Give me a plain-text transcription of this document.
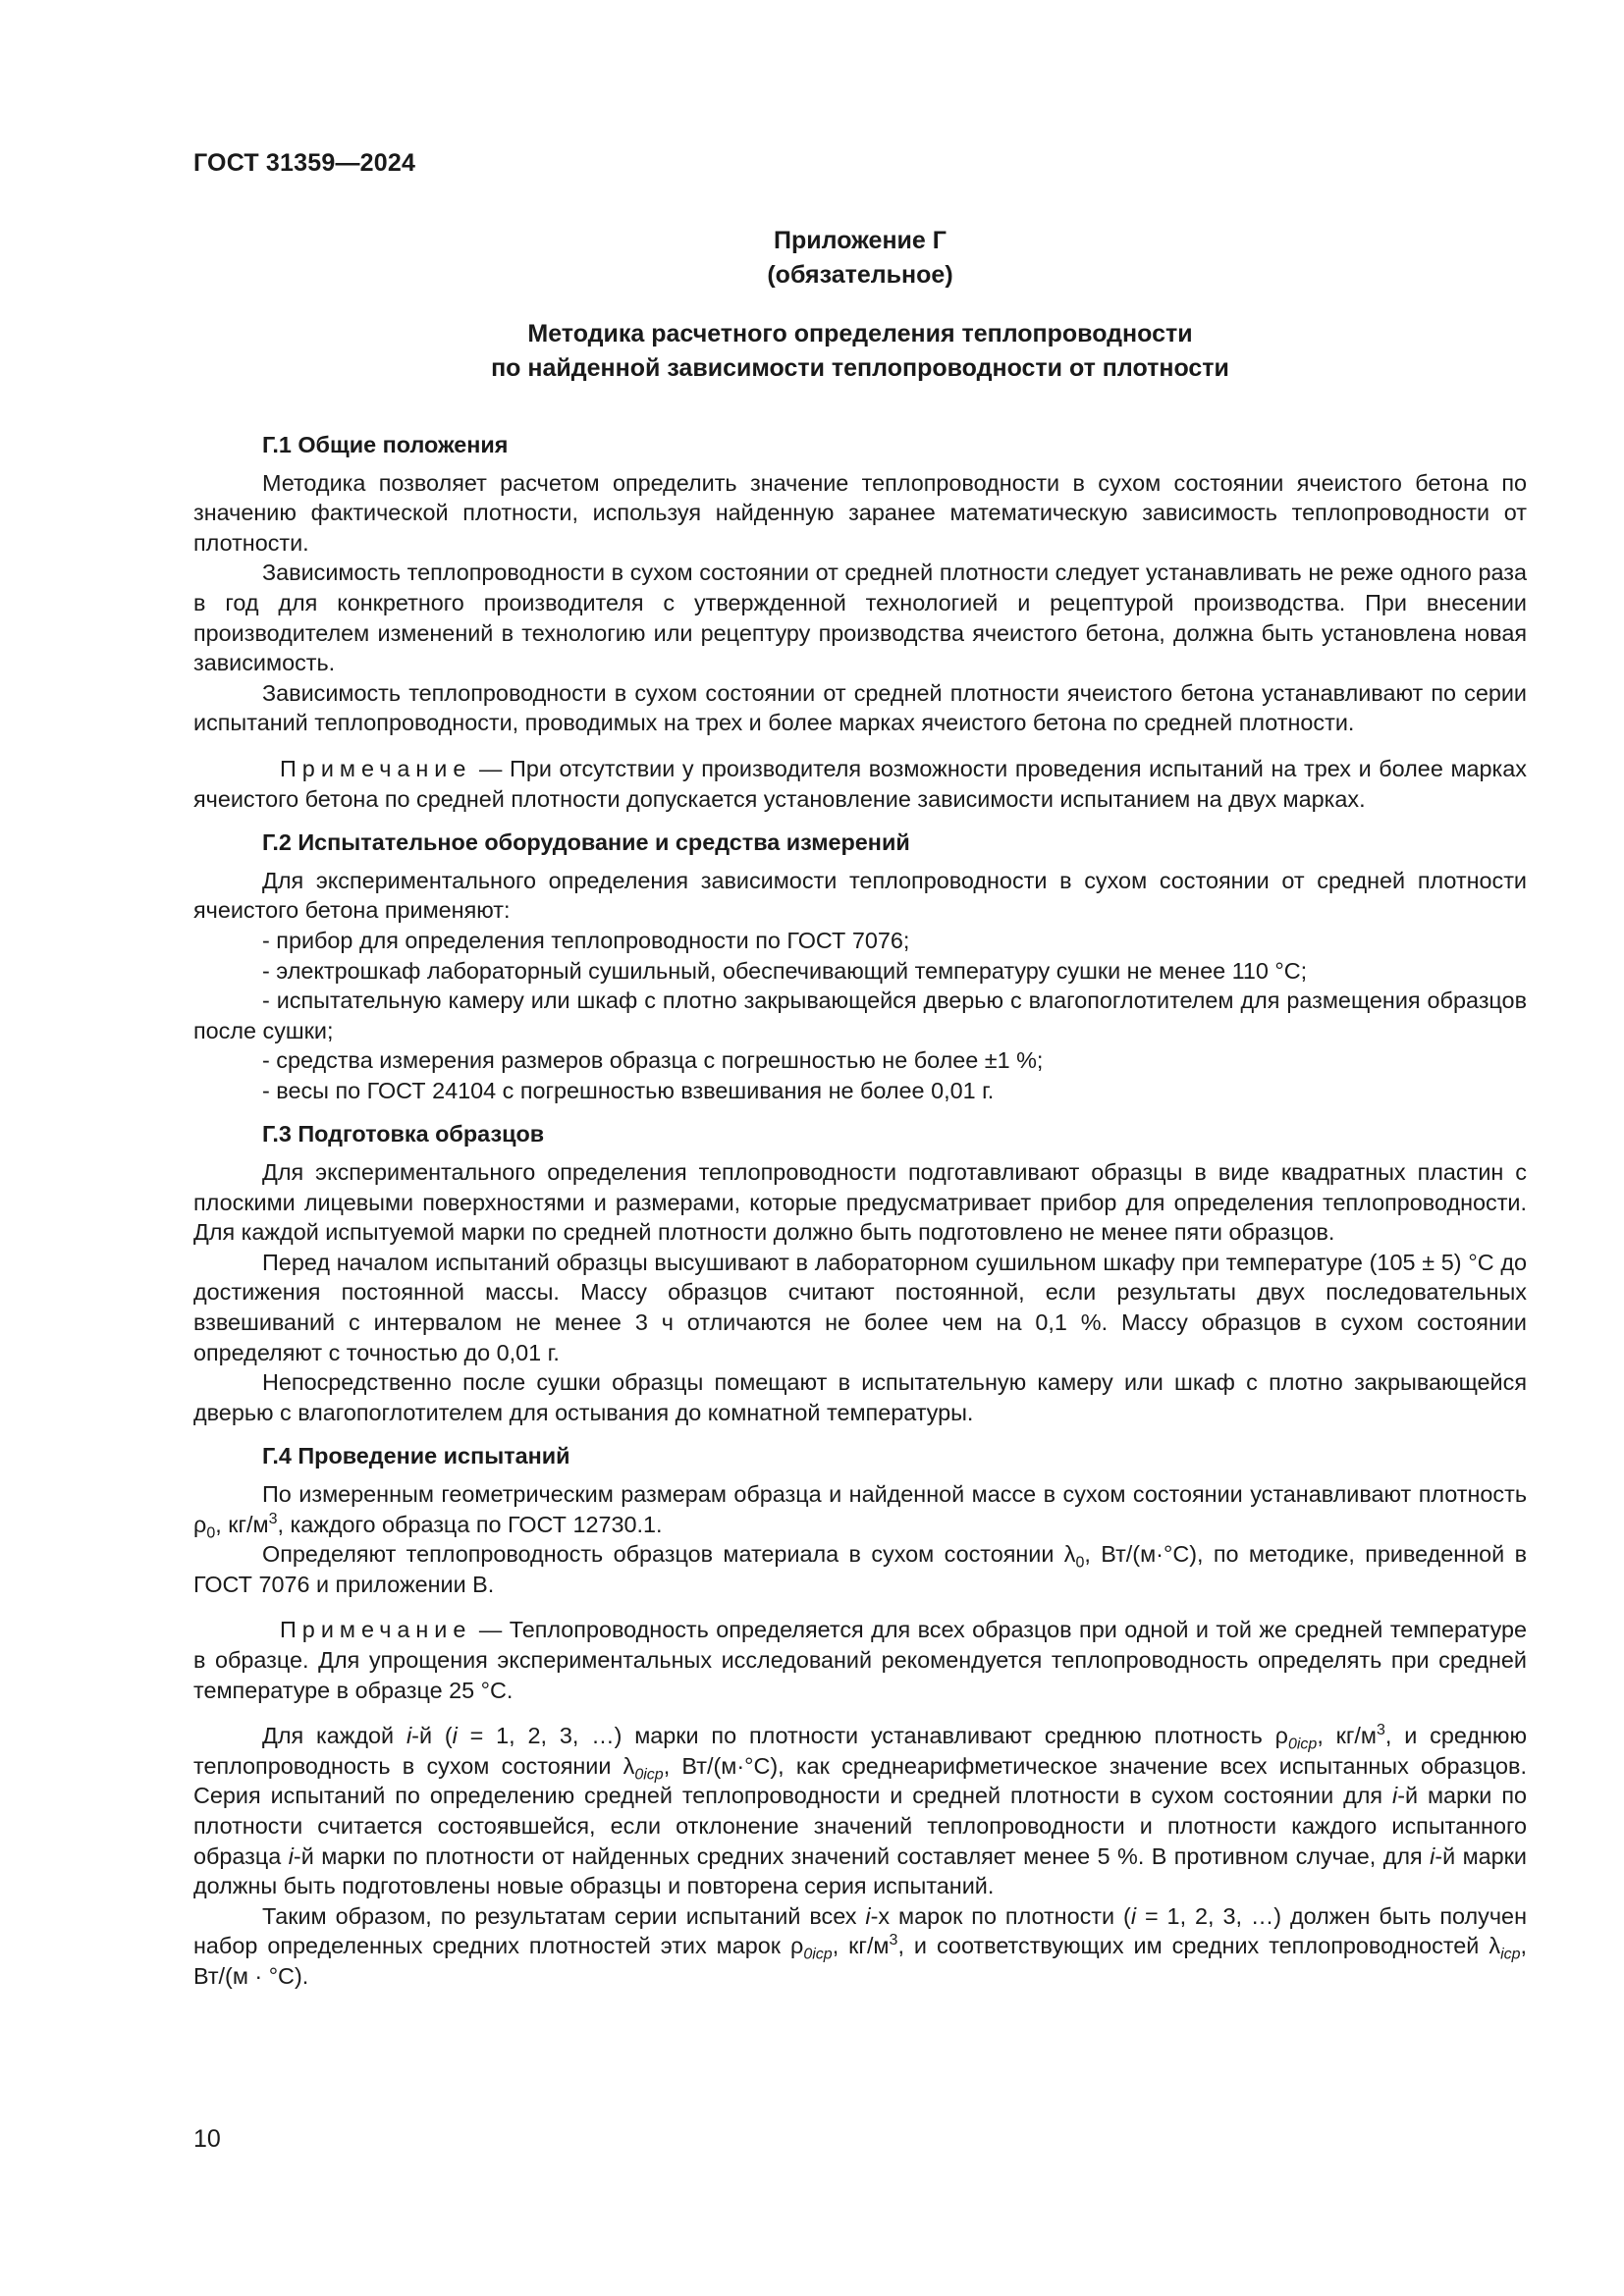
ГОСТ 31359—2024
Приложение Г
(обязательное)
Методика расчетного определения теплопроводности
по найденной зависимости теплопроводности от плотности
Г.1 Общие положения

Методика позволяет расчетом определить значение теплопроводности в сухом состоянии ячеистого бетона по значению фактической плотности, используя найденную заранее математическую зависимость теплопроводности от плотности.

Зависимость теплопроводности в сухом состоянии от средней плотности следует устанавливать не реже одного раза в год для конкретного производителя с утвержденной технологией и рецептурой производства. При внесении производителем изменений в технологию или рецептуру производства ячеистого бетона, должна быть установлена новая зависимость.

Зависимость теплопроводности в сухом состоянии от средней плотности ячеистого бетона устанавливают по серии испытаний теплопроводности, проводимых на трех и более марках ячеистого бетона по средней плотности.

Примечание — При отсутствии у производителя возможности проведения испытаний на трех и более марках ячеистого бетона по средней плотности допускается установление зависимости испытанием на двух марках.

Г.2 Испытательное оборудование и средства измерений

Для экспериментального определения зависимости теплопроводности в сухом состоянии от средней плотности ячеистого бетона применяют:

- прибор для определения теплопроводности по ГОСТ 7076;

- электрошкаф лабораторный сушильный, обеспечивающий температуру сушки не менее 110 °С;

- испытательную камеру или шкаф с плотно закрывающейся дверью с влагопоглотителем для размещения образцов после сушки;

- средства измерения размеров образца с погрешностью не более ±1 %;

- весы по ГОСТ 24104 с погрешностью взвешивания не более 0,01 г.

Г.3 Подготовка образцов

Для экспериментального определения теплопроводности подготавливают образцы в виде квадратных пластин с плоскими лицевыми поверхностями и размерами, которые предусматривает прибор для определения теплопроводности. Для каждой испытуемой марки по средней плотности должно быть подготовлено не менее пяти образцов.

Перед началом испытаний образцы высушивают в лабораторном сушильном шкафу при температуре (105 ± 5) °С до достижения постоянной массы. Массу образцов считают постоянной, если результаты двух последовательных взвешиваний с интервалом не менее 3 ч отличаются не более чем на 0,1 %. Массу образцов в сухом состоянии определяют с точностью до 0,01 г.

Непосредственно после сушки образцы помещают в испытательную камеру или шкаф с плотно закрывающейся дверью с влагопоглотителем для остывания до комнатной температуры.

Г.4 Проведение испытаний

По измеренным геометрическим размерам образца и найденной массе в сухом состоянии устанавливают плотность $\rho_0$, $кг/м^3$, каждого образца по ГОСТ 12730.1.

Определяют теплопроводность образцов материала в сухом состоянии $\lambda_0$, Вт/(м·°С), по методике, приведенной в ГОСТ 7076 и приложении В.

Примечание — Теплопроводность определяется для всех образцов при одной и той же средней температуре в образце. Для упрощения экспериментальных исследований рекомендуется теплопроводность определять при средней температуре в образце 25 °С.

Для каждой i-й (i = 1, 2, 3, …) марки по плотности устанавливают среднюю плотность $\rho_{0icp}$, $кг/м^3$, и среднюю теплопроводность в сухом состоянии $\lambda_{0icp}$, Вт/(м·°С), как среднеарифметическое значение всех испытанных образцов. Серия испытаний по определению средней теплопроводности и средней плотности в сухом состоянии для i-й марки по плотности считается состоявшейся, если отклонение значений теплопроводности и плотности каждого испытанного образца i-й марки по плотности от найденных средних значений составляет менее 5 %. В противном случае, для i-й марки должны быть подготовлены новые образцы и повторена серия испытаний.

Таким образом, по результатам серии испытаний всех i-х марок по плотности (i = 1, 2, 3, …) должен быть получен набор определенных средних плотностей этих марок $\rho_{0icp}$, $кг/м^3$, и соответствующих им средних теплопроводностей $\lambda_{icp}$, Вт/(м · °С).

10
